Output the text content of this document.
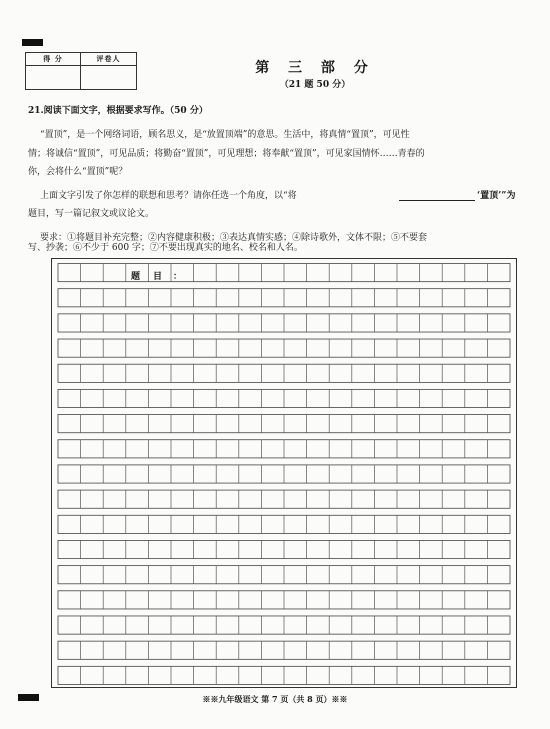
得 分	评卷人
第 三 部 分
（21 题 50 分）
21.阅读下面文字，根据要求写作。（50 分）
“置顶”，是一个网络词语，顾名思义，是“放置顶端”的意思。生活中，将真情“置顶”，可见性
情；将诚信“置顶”，可见品质；将勤奋“置顶”，可见理想；将奉献“置顶”，可见家国情怀……青春的
你，会将什么“置顶”呢？
上面文字引发了你怎样的联想和思考？请你任选一个角度，以“将	‘置顶’”为
题目，写一篇记叙文或议论文。
要求：①将题目补充完整；②内容健康积极；③表达真情实感；④除诗歌外，文体不限；⑤不要套
写、抄袭；⑥不少于 600 字；⑦不要出现真实的地名、校名和人名。
题 目 ：
※※九年级语文 第 7 页（共 8 页）※※
